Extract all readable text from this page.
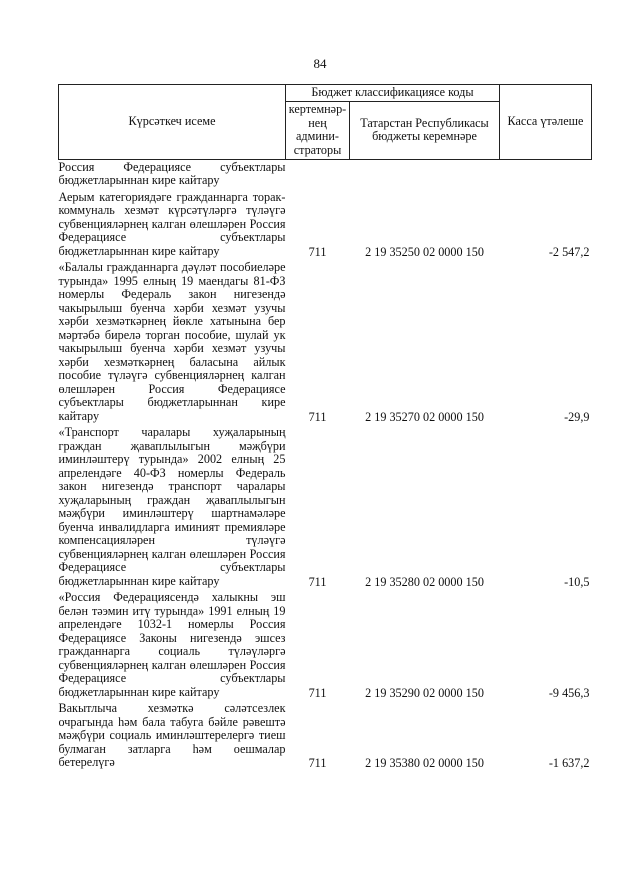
84
Күрсәткеч исеме	Бюджет классификациясе коды		Касса үтәлеше
	кертемнәр-нең админи-страторы	Татарстан Республикасы бюджеты керемнәре	
Россия Федерациясе субъектлары бюджетларыннан кире кайтару			
Аерым категориядәге гражданнарга торак-коммуналь хезмәт күрсәтүләргә түләүгә субвенцияләрнең калган өлешләрен Россия Федерациясе субъектлары бюджетларыннан кире кайтару	711	2 19 35250 02 0000 150	-2 547,2
«Балалы гражданнарга дәүләт пособиеләре турында» 1995 елның 19 маендагы 81-ФЗ номерлы Федераль закон нигезендә чакырылыш буенча хәрби хезмәт узучы хәрби хезмәткәрнең йөкле хатынына бер мәртәбә бирелә торган пособие, шулай ук чакырылыш буенча хәрби хезмәт узучы хәрби хезмәткәрнең баласына айлык пособие түләүгә субвенцияләрнең калган өлешләрен Россия Федерациясе субъектлары бюджетларыннан кире кайтару	711	2 19 35270 02 0000 150	-29,9
«Транспорт чаралары хуҗаларының граждан җаваплылыгын мәҗбүри иминләштерү турында» 2002 елның 25 апрелендәге 40-ФЗ номерлы Федераль закон нигезендә транспорт чаралары хуҗаларының граждан җаваплылыгын мәҗбүри иминләштерү шартнамәләре буенча инвалидларга иминият премияләре компенсацияләрен түләүгә субвенцияләрнең калган өлешләрен Россия Федерациясе субъектлары бюджетларыннан кире кайтару	711	2 19 35280 02 0000 150	-10,5
«Россия Федерациясендә халыкны эш белән тәэмин итү турында» 1991 елның 19 апрелендәге 1032-1 номерлы Россия Федерациясе Законы нигезендә эшсез гражданнарга социаль түләүләргә субвенцияләрнең калган өлешләрен Россия Федерациясе субъектлары бюджетларыннан кире кайтару	711	2 19 35290 02 0000 150	-9 456,3
Вакытлыча хезмәткә сәләтсезлек очрагында һәм бала табуга бәйле рәвештә мәҗбүри социаль иминләштерелергә тиеш булмаган затларга һәм оешмалар бетерелүгә	711	2 19 35380 02 0000 150	-1 637,2
